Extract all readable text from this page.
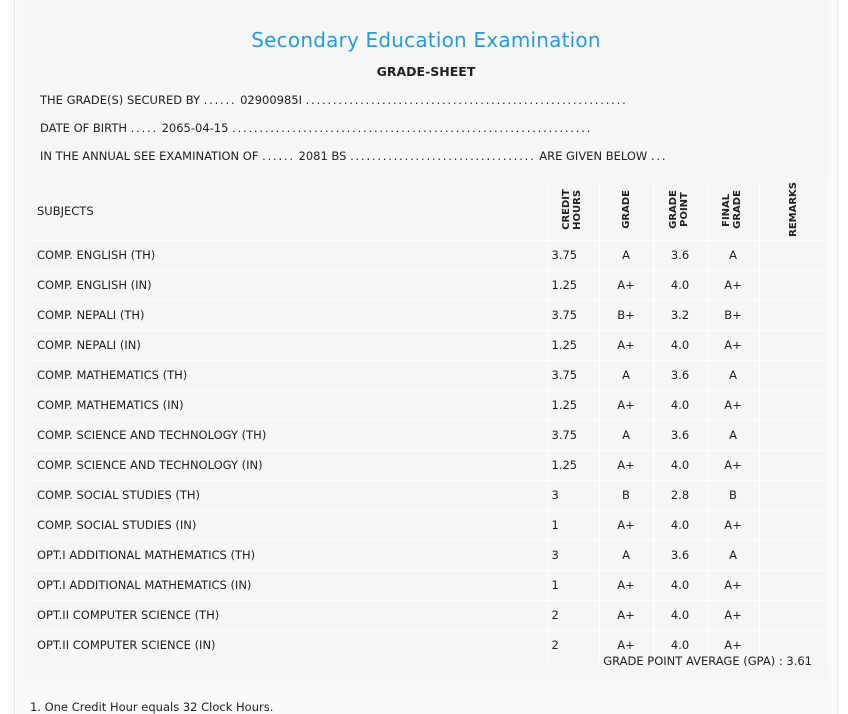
Secondary Education Examination
GRADE-SHEET
THE GRADE(S) SECURED BY ...... 02900985I ...........................................................
DATE OF BIRTH ..... 2065-04-15 ..................................................................
IN THE ANNUAL SEE EXAMINATION OF ...... 2081 BS .................................. ARE GIVEN BELOW ...
SUBJECTS	CREDIT HOURS	GRADE	GRADE POINT	FINAL GRADE	REMARKS
COMP. ENGLISH (TH)	3.75	A	3.6	A	
COMP. ENGLISH (IN)	1.25	A+	4.0	A+	
COMP. NEPALI (TH)	3.75	B+	3.2	B+	
COMP. NEPALI (IN)	1.25	A+	4.0	A+	
COMP. MATHEMATICS (TH)	3.75	A	3.6	A	
COMP. MATHEMATICS (IN)	1.25	A+	4.0	A+	
COMP. SCIENCE AND TECHNOLOGY (TH)	3.75	A	3.6	A	
COMP. SCIENCE AND TECHNOLOGY (IN)	1.25	A+	4.0	A+	
COMP. SOCIAL STUDIES (TH)	3	B	2.8	B	
COMP. SOCIAL STUDIES (IN)	1	A+	4.0	A+	
OPT.I ADDITIONAL MATHEMATICS (TH)	3	A	3.6	A	
OPT.I ADDITIONAL MATHEMATICS (IN)	1	A+	4.0	A+	
OPT.II COMPUTER SCIENCE (TH)	2	A+	4.0	A+	
OPT.II COMPUTER SCIENCE (IN)	2	A+	4.0	A+	
GRADE POINT AVERAGE (GPA) : 3.61
1. One Credit Hour equals 32 Clock Hours.
